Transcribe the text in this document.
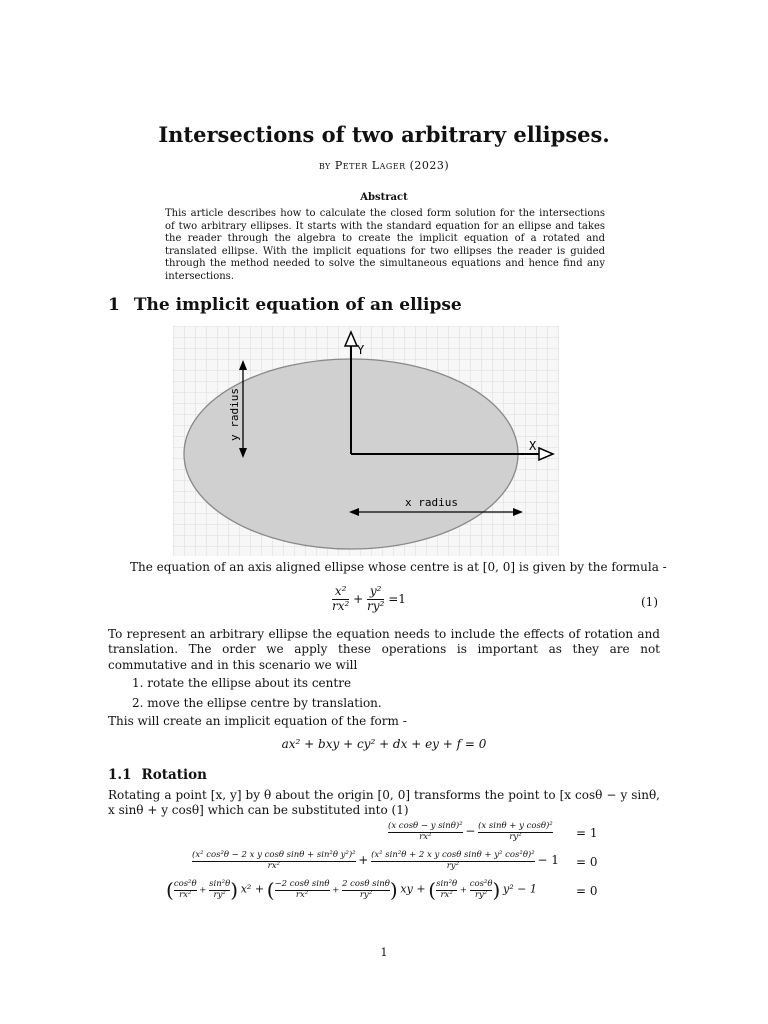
Intersections of two arbitrary ellipses.
by Peter Lager (2023)
Abstract
This article describes how to calculate the closed form solution for the intersections of two arbitrary ellipses. It starts with the standard equation for an ellipse and takes the reader through the algebra to create the implicit equation of a rotated and translated ellipse. With the implicit equations for two ellipses the reader is guided through the method needed to solve the simultaneous equations and hence find any intersections.
1 The implicit equation of an ellipse
Y
X
y radius
x radius
The equation of an axis aligned ellipse whose centre is at [0, 0] is given by the formula -
$\frac{\text{x²}}{\text{rx²}} + \frac{\text{y²}}{\text{ry²}} =1$	(1)
To represent an arbitrary ellipse the equation needs to include the effects of rotation and translation. The order we apply these operations is important as they are not commutative and in this scenario we will
1. rotate the ellipse about its centre
2. move the ellipse centre by translation.
This will create an implicit equation of the form -
ax² + bxy + cy² + dx + ey + f = 0
1.1 Rotation
Rotating a point [x, y] by θ about the origin [0, 0] transforms the point to [x cosθ − y sinθ, x sinθ + y cosθ] which can be substituted into (1)
$\frac{\text{(x cosθ − y sinθ)²}}{\text{rx²}} - \frac{\text{(x sinθ + y cosθ)²}}{\text{ry²}} = 1$
$\frac{\text{(x² cos²θ − 2 x y cosθ sinθ + sin²θ y²)²}}{\text{rx²}} + \frac{\text{(x² sin²θ + 2 x y cosθ sinθ + y² cos²θ)²}}{\text{ry²}} - 1 = 0$
( $\frac{\text{cos²θ}}{\text{rx²}} + \frac{\text{sin²θ}}{\text{ry²}}$ ) x² + ( $\frac{\text{−2 cosθ sinθ}}{\text{rx²}} + \frac{\text{2 cosθ sinθ}}{\text{ry²}}$ ) xy + ( $\frac{\text{sin²θ}}{\text{rx²}} + \frac{\text{cos²θ}}{\text{ry²}}$ ) y² − 1	= 0
1
